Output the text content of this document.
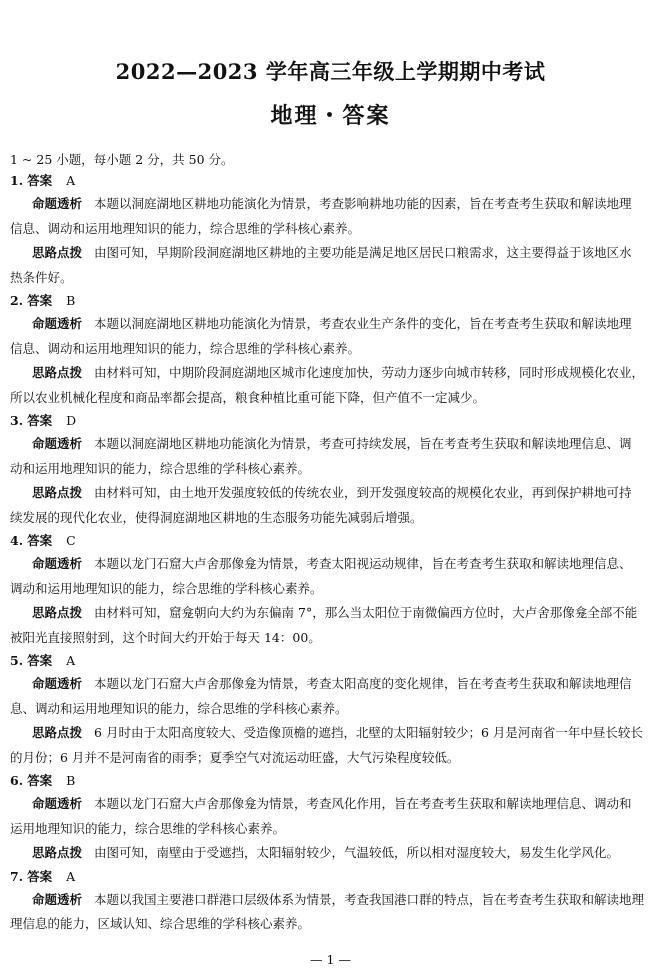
2022—2023 学年高三年级上学期期中考试
地理・答案
1 ~ 25 小题，每小题 2 分，共 50 分。
1. 答案 A
命题透析 本题以洞庭湖地区耕地功能演化为情景，考查影响耕地功能的因素，旨在考查考生获取和解读地理
信息、调动和运用地理知识的能力，综合思维的学科核心素养。
思路点拨 由图可知，早期阶段洞庭湖地区耕地的主要功能是满足地区居民口粮需求，这主要得益于该地区水
热条件好。
2. 答案 B
命题透析 本题以洞庭湖地区耕地功能演化为情景，考查农业生产条件的变化，旨在考查考生获取和解读地理
信息、调动和运用地理知识的能力，综合思维的学科核心素养。
思路点拨 由材料可知，中期阶段洞庭湖地区城市化速度加快，劳动力逐步向城市转移，同时形成规模化农业，
所以农业机械化程度和商品率都会提高，粮食种植比重可能下降，但产值不一定减少。
3. 答案 D
命题透析 本题以洞庭湖地区耕地功能演化为情景，考查可持续发展，旨在考查考生获取和解读地理信息、调
动和运用地理知识的能力，综合思维的学科核心素养。
思路点拨 由材料可知，由土地开发强度较低的传统农业，到开发强度较高的规模化农业，再到保护耕地可持
续发展的现代化农业，使得洞庭湖地区耕地的生态服务功能先减弱后增强。
4. 答案 C
命题透析 本题以龙门石窟大卢舍那像龛为情景，考查太阳视运动规律，旨在考查考生获取和解读地理信息、
调动和运用地理知识的能力，综合思维的学科核心素养。
思路点拨 由材料可知，窟龛朝向大约为东偏南 7°，那么当太阳位于南微偏西方位时，大卢舍那像龛全部不能
被阳光直接照射到，这个时间大约开始于每天 14：00。
5. 答案 A
命题透析 本题以龙门石窟大卢舍那像龛为情景，考查太阳高度的变化规律，旨在考查考生获取和解读地理信
息、调动和运用地理知识的能力，综合思维的学科核心素养。
思路点拨 6 月时由于太阳高度较大、受造像顶檐的遮挡，北壁的太阳辐射较少；6 月是河南省一年中昼长较长
的月份；6 月并不是河南省的雨季；夏季空气对流运动旺盛，大气污染程度较低。
6. 答案 B
命题透析 本题以龙门石窟大卢舍那像龛为情景，考查风化作用，旨在考查考生获取和解读地理信息、调动和
运用地理知识的能力，综合思维的学科核心素养。
思路点拨 由图可知，南壁由于受遮挡，太阳辐射较少，气温较低，所以相对湿度较大，易发生化学风化。
7. 答案 A
命题透析 本题以我国主要港口群港口层级体系为情景，考查我国港口群的特点，旨在考查考生获取和解读地理
理信息的能力，区域认知、综合思维的学科核心素养。
— 1 —
